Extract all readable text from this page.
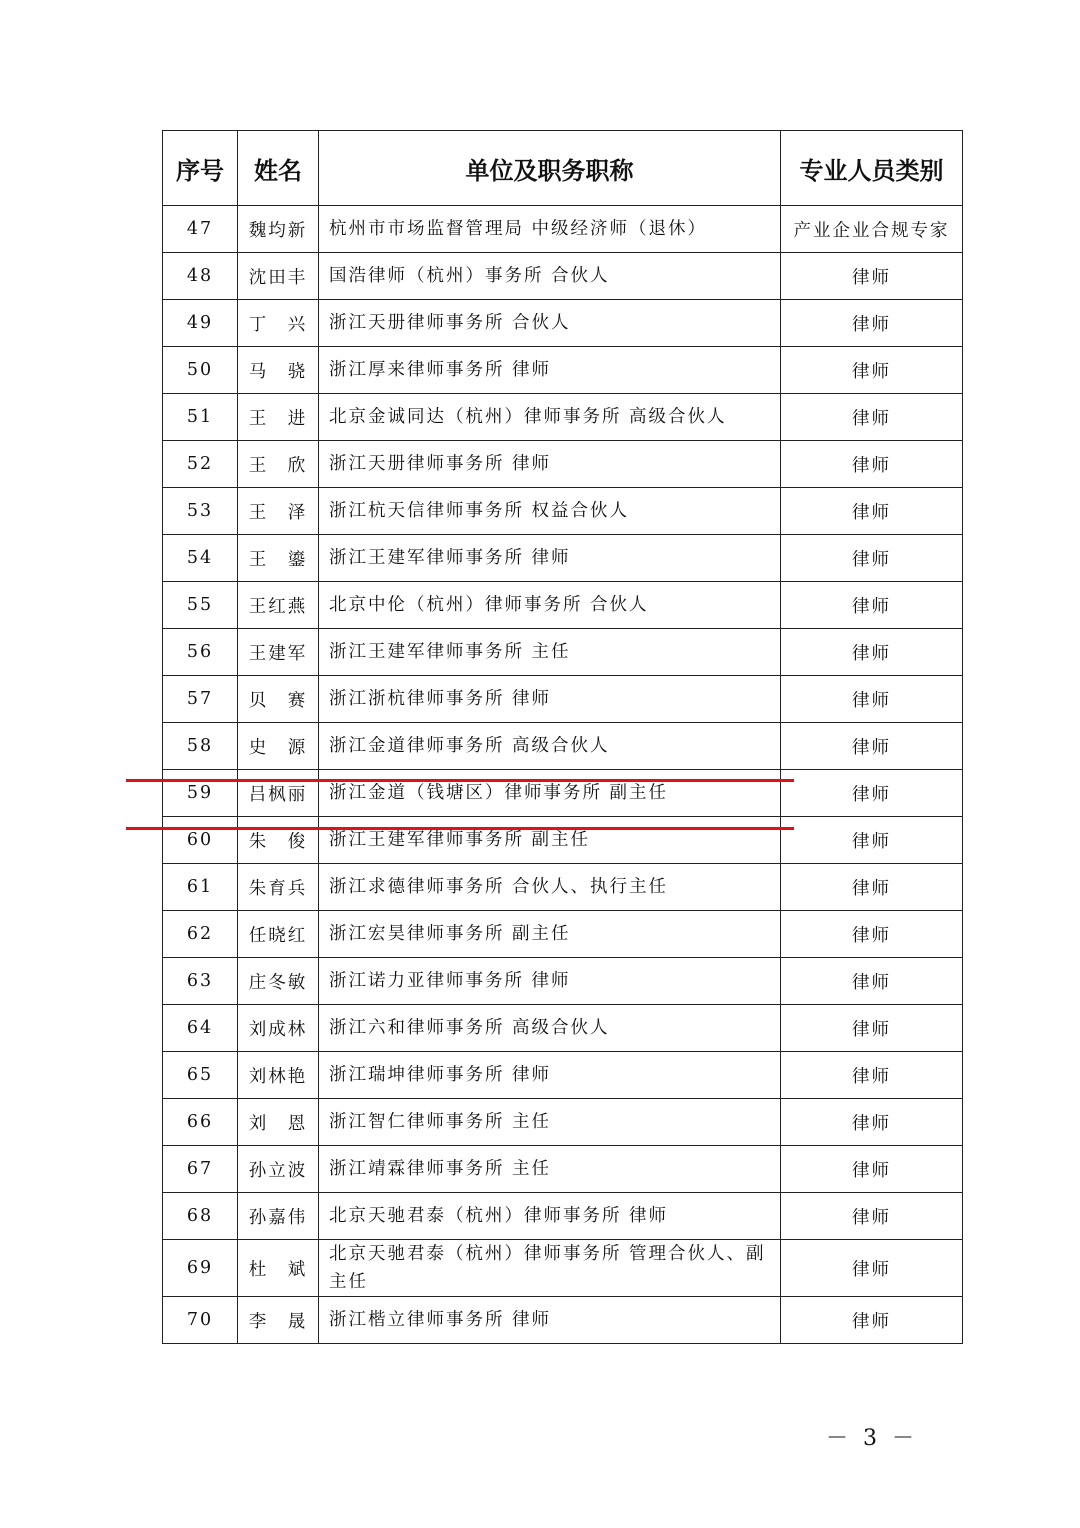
序号	姓名	单位及职务职称	专业人员类别
47	魏均新	杭州市市场监督管理局 中级经济师（退休）	产业企业合规专家
48	沈田丰	国浩律师（杭州）事务所 合伙人	律师
49	丁　兴	浙江天册律师事务所 合伙人	律师
50	马　骁	浙江厚来律师事务所 律师	律师
51	王　进	北京金诚同达（杭州）律师事务所 高级合伙人	律师
52	王　欣	浙江天册律师事务所 律师	律师
53	王　泽	浙江杭天信律师事务所 权益合伙人	律师
54	王　鎏	浙江王建军律师事务所 律师	律师
55	王红燕	北京中伦（杭州）律师事务所 合伙人	律师
56	王建军	浙江王建军律师事务所 主任	律师
57	贝　赛	浙江浙杭律师事务所 律师	律师
58	史　源	浙江金道律师事务所 高级合伙人	律师
59	吕枫丽	浙江金道（钱塘区）律师事务所 副主任	律师
60	朱　俊	浙江王建军律师事务所 副主任	律师
61	朱育兵	浙江求德律师事务所 合伙人、执行主任	律师
62	任晓红	浙江宏昊律师事务所 副主任	律师
63	庄冬敏	浙江诺力亚律师事务所 律师	律师
64	刘成林	浙江六和律师事务所 高级合伙人	律师
65	刘林艳	浙江瑞坤律师事务所 律师	律师
66	刘　恩	浙江智仁律师事务所 主任	律师
67	孙立波	浙江靖霖律师事务所 主任	律师
68	孙嘉伟	北京天驰君泰（杭州）律师事务所 律师	律师
69	杜　斌	北京天驰君泰（杭州）律师事务所 管理合伙人、副主任	律师
70	李　晟	浙江楷立律师事务所 律师	律师
－ 3 －
